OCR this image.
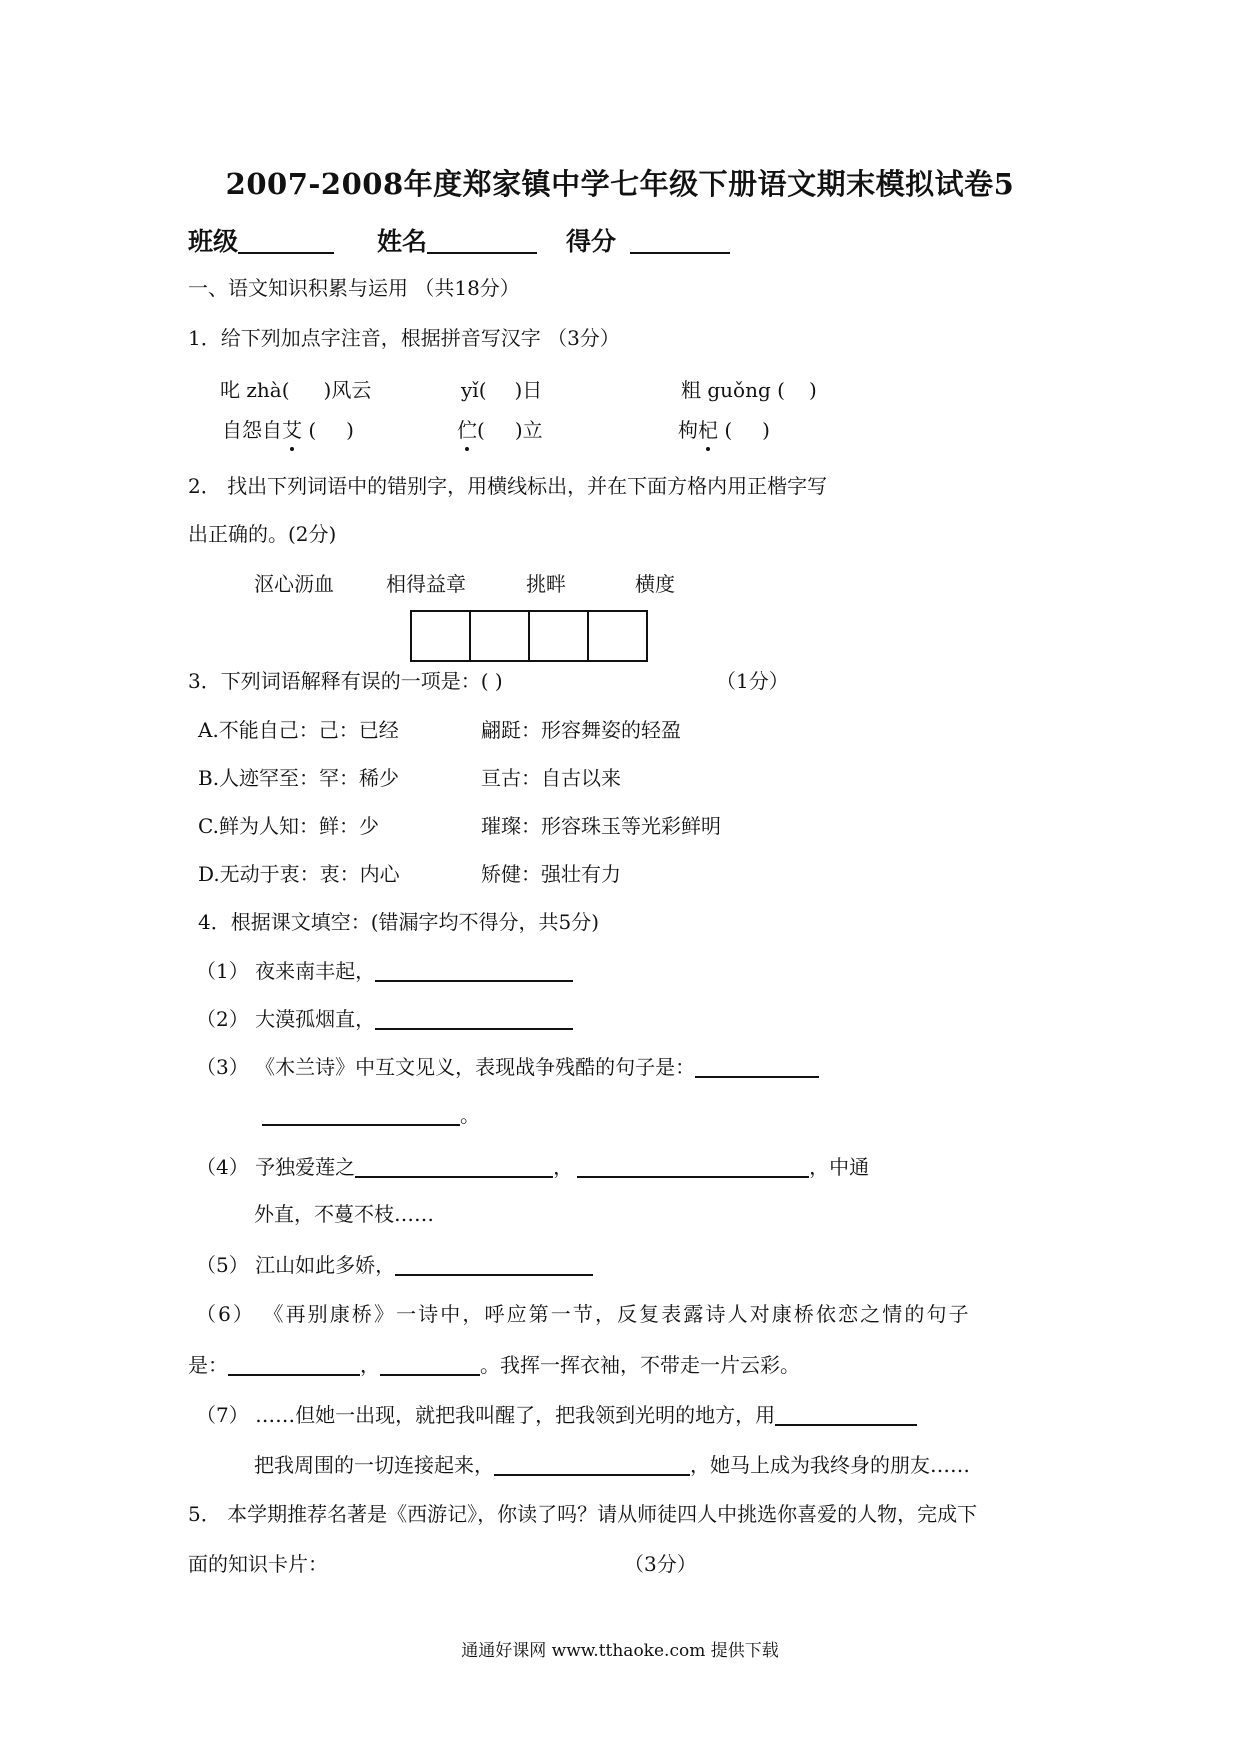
2007-2008年度郑家镇中学七年级下册语文期末模拟试卷5
班级	姓名	得分
一、语文知识积累与运用 （共18分）
1．给下列加点字注音，根据拼音写汉字 （3分）
叱 zhà( )风云	yǐ( )日	粗 guǒng ( )
自怨自艾 ( )	伫( )立	枸杞 ( )
2． 找出下列词语中的错别字，用横线标出，并在下面方格内用正楷字写
出正确的。(2分)
沤心沥血	相得益章	挑畔	横度
3．下列词语解释有误的一项是：( )	（1分）
A.不能自己：己：已经	翩跹：形容舞姿的轻盈
B.人迹罕至：罕：稀少	亘古：自古以来
C.鲜为人知：鲜：少	璀璨：形容珠玉等光彩鲜明
D.无动于衷：衷：内心	矫健：强壮有力
4．根据课文填空：(错漏字均不得分，共5分)
（1） 夜来南丰起，
（2） 大漠孤烟直，
（3） 《木兰诗》中互文见义，表现战争残酷的句子是：
。
（4） 予独爱莲之	，	，中通
外直，不蔓不枝……
（5） 江山如此多娇，
（6） 《再别康桥》一诗中，呼应第一节，反复表露诗人对康桥依恋之情的句子
是：	，	。我挥一挥衣袖，不带走一片云彩。
（7） ……但她一出现，就把我叫醒了，把我领到光明的地方，用
把我周围的一切连接起来，	，她马上成为我终身的朋友……
5． 本学期推荐名著是《西游记》，你读了吗？请从师徒四人中挑选你喜爱的人物，完成下
面的知识卡片：	（3分）
通通好课网 www.tthaoke.com 提供下载
